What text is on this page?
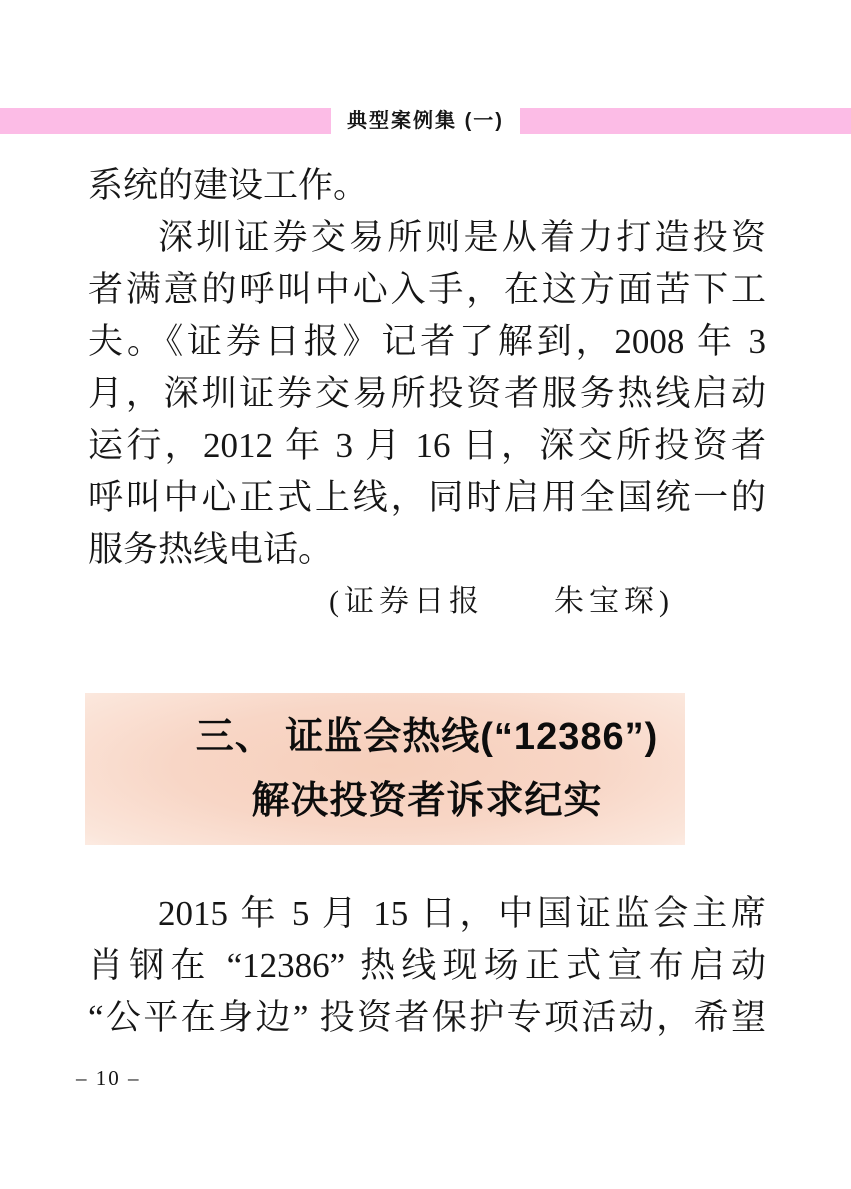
典型案例集 (一)
系统的建设工作。
深圳证券交易所则是从着力打造投资
者满意的呼叫中心入手，在这方面苦下工
夫。《证券日报》记者了解到，2008 年 3
月，深圳证券交易所投资者服务热线启动
运行，2012 年 3 月 16 日，深交所投资者
呼叫中心正式上线，同时启用全国统一的
服务热线电话。
(证券日报　　朱宝琛)
三、 证监会热线(“12386”)
解决投资者诉求纪实
2015 年 5 月 15 日，中国证监会主席
肖钢在 “12386” 热线现场正式宣布启动
“公平在身边” 投资者保护专项活动，希望
– 10 –
